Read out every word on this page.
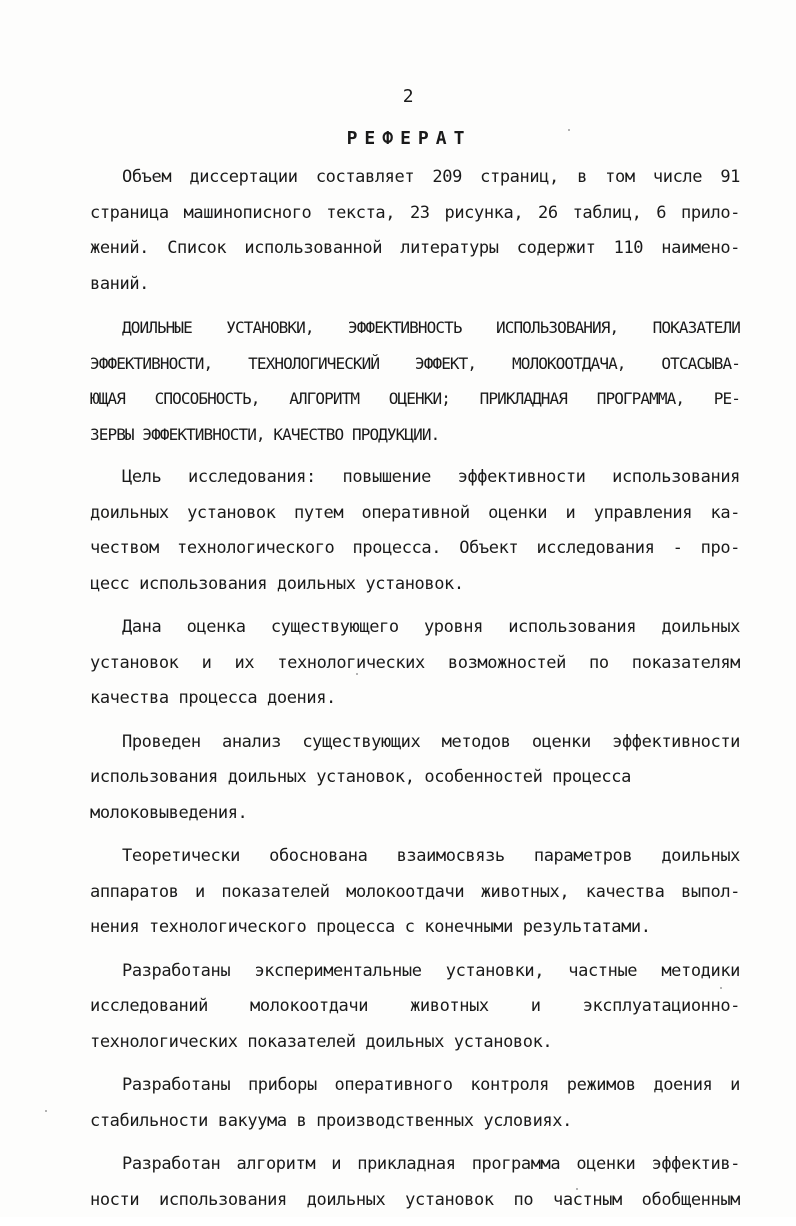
2
РЕФЕРАТ

Объем диссертации составляет 209 страниц, в том числе 91
страница машинописного текста, 23 рисунка, 26 таблиц, 6 прило-
жений. Список использованной литературы содержит 110 наимено-
ваний.

ДОИЛЬНЫЕ УСТАНОВКИ, ЭФФЕКТИВНОСТЬ ИСПОЛЬЗОВАНИЯ, ПОКАЗАТЕЛИ
ЭФФЕКТИВНОСТИ, ТЕХНОЛОГИЧЕСКИЙ ЭФФЕКТ, МОЛОКООТДАЧА, ОТСАСЫВА-
ЮЩАЯ СПОСОБНОСТЬ, АЛГОРИТМ ОЦЕНКИ; ПРИКЛАДНАЯ ПРОГРАММА, РЕ-
ЗЕРВЫ ЭФФЕКТИВНОСТИ, КАЧЕСТВО ПРОДУКЦИИ.

Цель исследования: повышение эффективности использования
доильных установок путем оперативной оценки и управления ка-
чеством технологического процесса. Объект исследования - про-
цесс использования доильных установок.

Дана оценка существующего уровня использования доильных
установок и их технологических возможностей по показателям
качества процесса доения.

Проведен анализ существующих методов оценки эффективности
использования доильных установок, особенностей процесса
молоковыведения.

Теоретически обоснована взаимосвязь параметров доильных
аппаратов и показателей молокоотдачи животных, качества выпол-
нения технологического процесса с конечными результатами.

Разработаны экспериментальные установки, частные методики
исследований молокоотдачи животных и эксплуатационно-
технологических показателей доильных установок.

Разработаны приборы оперативного контроля режимов доения и
стабильности вакуума в производственных условиях.

Разработан алгоритм и прикладная программа оценки эффектив-
ности использования доильных установок по частным обобщенным
